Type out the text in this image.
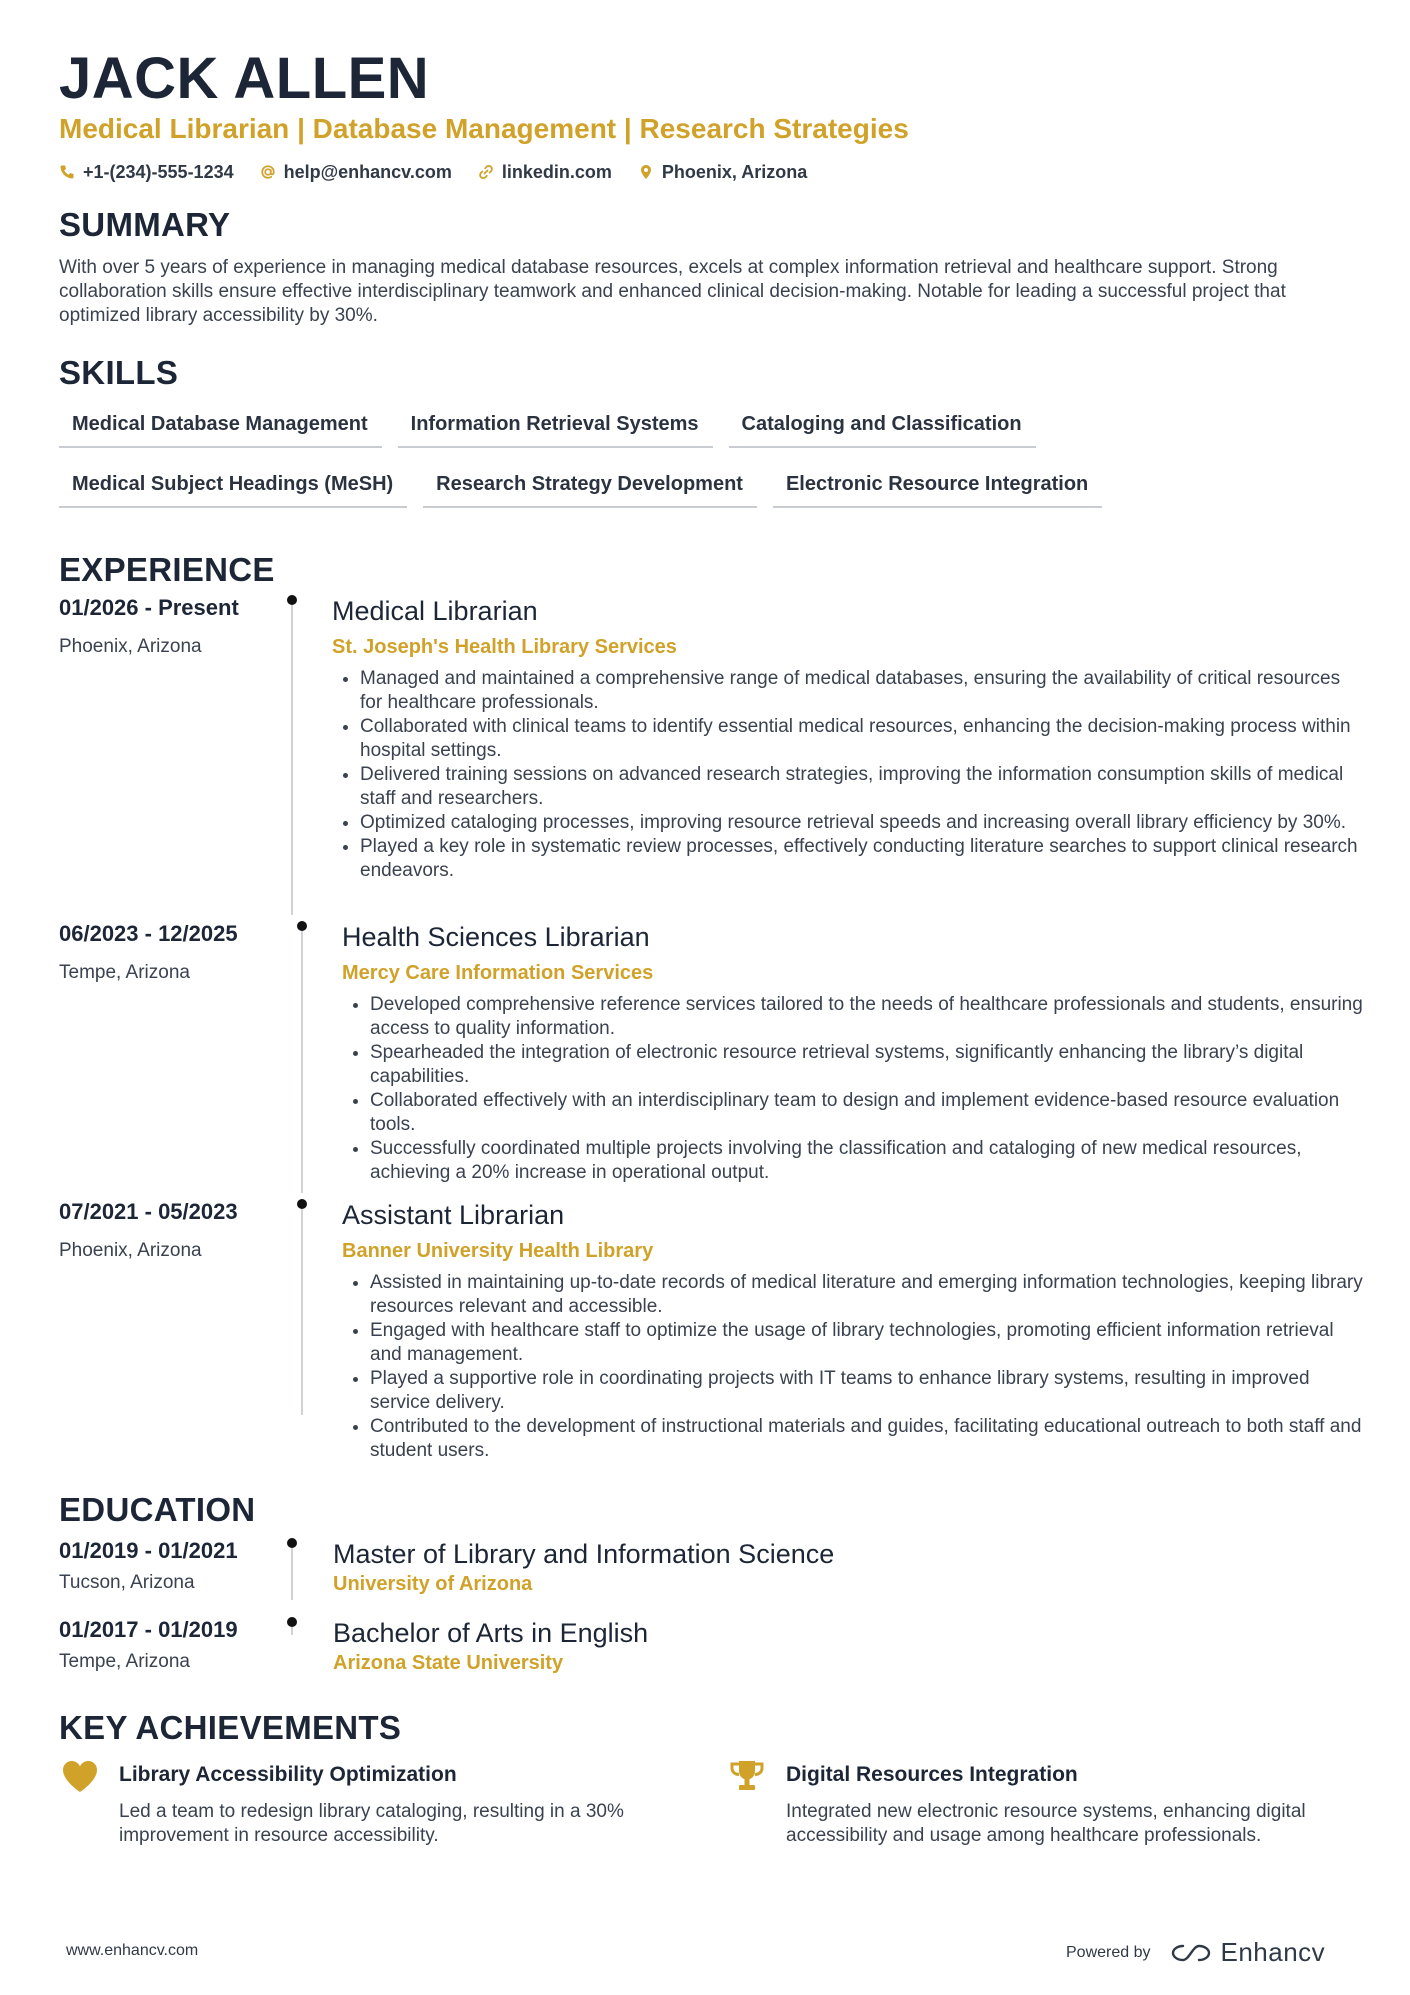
JACK ALLEN
Medical Librarian | Database Management | Research Strategies
+1-(234)-555-1234	help@enhancv.com	linkedin.com	Phoenix, Arizona
SUMMARY
With over 5 years of experience in managing medical database resources, excels at complex information retrieval and healthcare support. Strong collaboration skills ensure effective interdisciplinary teamwork and enhanced clinical decision-making. Notable for leading a successful project that optimized library accessibility by 30%.
SKILLS
Medical Database Management	Information Retrieval Systems	Cataloging and Classification
Medical Subject Headings (MeSH)	Research Strategy Development	Electronic Resource Integration
EXPERIENCE
01/2026 - Present
Phoenix, Arizona
Medical Librarian
St. Joseph's Health Library Services
• Managed and maintained a comprehensive range of medical databases, ensuring the availability of critical resources for healthcare professionals.
• Collaborated with clinical teams to identify essential medical resources, enhancing the decision-making process within hospital settings.
• Delivered training sessions on advanced research strategies, improving the information consumption skills of medical staff and researchers.
• Optimized cataloging processes, improving resource retrieval speeds and increasing overall library efficiency by 30%.
• Played a key role in systematic review processes, effectively conducting literature searches to support clinical research endeavors.
06/2023 - 12/2025
Tempe, Arizona
Health Sciences Librarian
Mercy Care Information Services
• Developed comprehensive reference services tailored to the needs of healthcare professionals and students, ensuring access to quality information.
• Spearheaded the integration of electronic resource retrieval systems, significantly enhancing the library’s digital capabilities.
• Collaborated effectively with an interdisciplinary team to design and implement evidence-based resource evaluation tools.
• Successfully coordinated multiple projects involving the classification and cataloging of new medical resources, achieving a 20% increase in operational output.
07/2021 - 05/2023
Phoenix, Arizona
Assistant Librarian
Banner University Health Library
• Assisted in maintaining up-to-date records of medical literature and emerging information technologies, keeping library resources relevant and accessible.
• Engaged with healthcare staff to optimize the usage of library technologies, promoting efficient information retrieval and management.
• Played a supportive role in coordinating projects with IT teams to enhance library systems, resulting in improved service delivery.
• Contributed to the development of instructional materials and guides, facilitating educational outreach to both staff and student users.
EDUCATION
01/2019 - 01/2021
Tucson, Arizona
Master of Library and Information Science
University of Arizona
01/2017 - 01/2019
Tempe, Arizona
Bachelor of Arts in English
Arizona State University
KEY ACHIEVEMENTS
Library Accessibility Optimization
Led a team to redesign library cataloging, resulting in a 30% improvement in resource accessibility.
Digital Resources Integration
Integrated new electronic resource systems, enhancing digital accessibility and usage among healthcare professionals.
www.enhancv.com	Powered by	Enhancv
